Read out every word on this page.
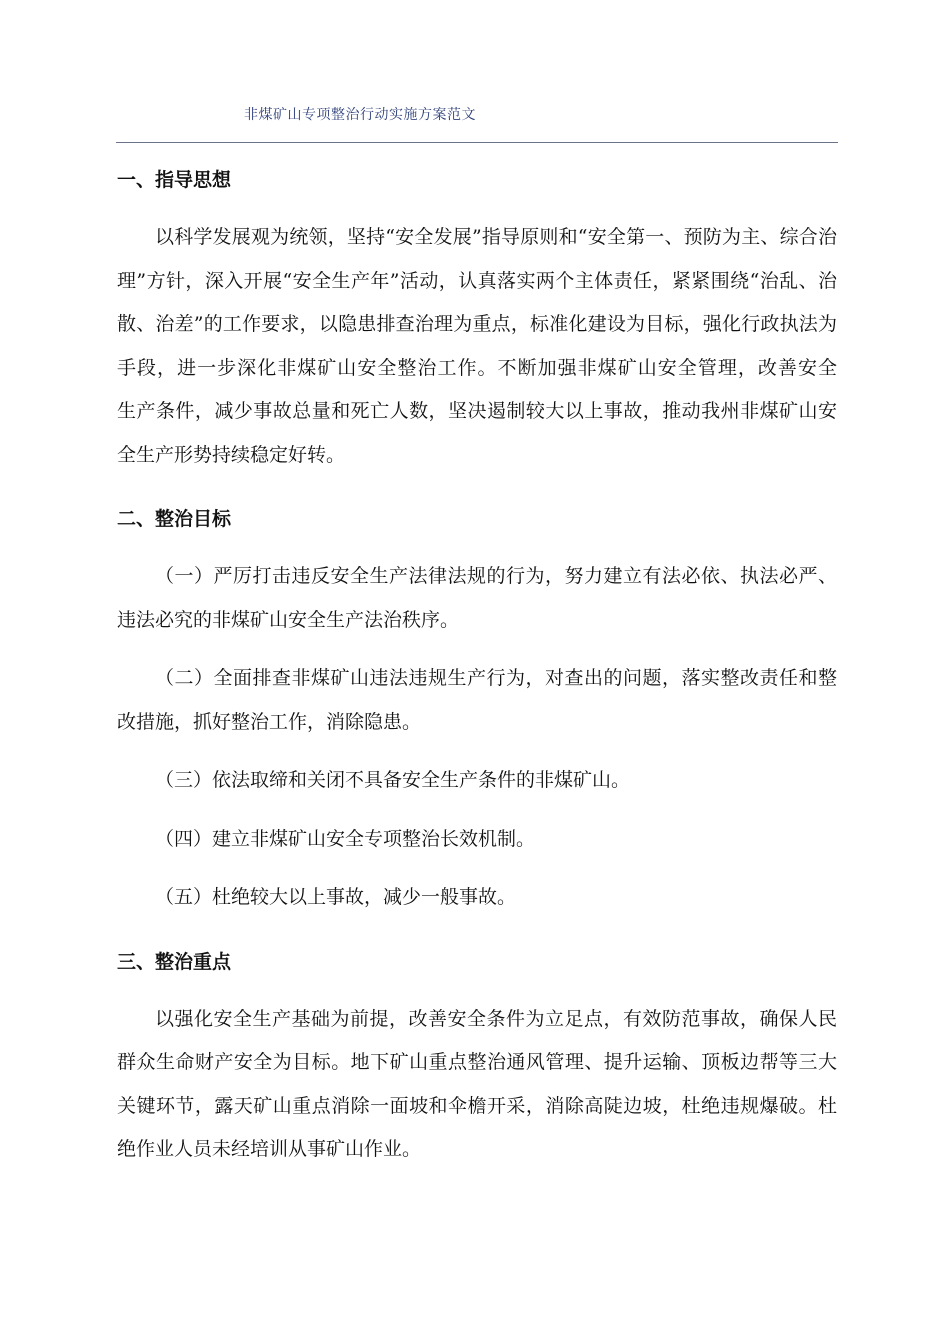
非煤矿山专项整治行动实施方案范文
一、指导思想

以科学发展观为统领，坚持“安全发展”指导原则和“安全第一、预防为主、综合治理”方针，深入开展“安全生产年”活动，认真落实两个主体责任，紧紧围绕“治乱、治散、治差”的工作要求，以隐患排查治理为重点，标准化建设为目标，强化行政执法为手段，进一步深化非煤矿山安全整治工作。不断加强非煤矿山安全管理，改善安全　生产条件，减少事故总量和死亡人数，坚决遏制较大以上事故，推动我州非煤矿山安全生产形势持续稳定好转。

二、整治目标

（一）严厉打击违反安全生产法律法规的行为，努力建立有法必依、执法必严、违法必究的非煤矿山安全生产法治秩序。

（二）全面排查非煤矿山违法违规生产行为，对查出的问题，落实整改责任和整改措施，抓好整治工作，消除隐患。

（三）依法取缔和关闭不具备安全生产条件的非煤矿山。

（四）建立非煤矿山安全专项整治长效机制。

（五）杜绝较大以上事故，减少一般事故。

三、整治重点

以强化安全生产基础为前提，改善安全条件为立足点，有效防范事故，确保人民群众生命财产安全为目标。地下矿山重点整治通风管理、提升运输、顶板边帮等三大关键环节，露天矿山重点消除一面坡和伞檐开采，消除高陡边坡，杜绝违规爆破。杜绝作业人员未经培训从事矿山作业。
